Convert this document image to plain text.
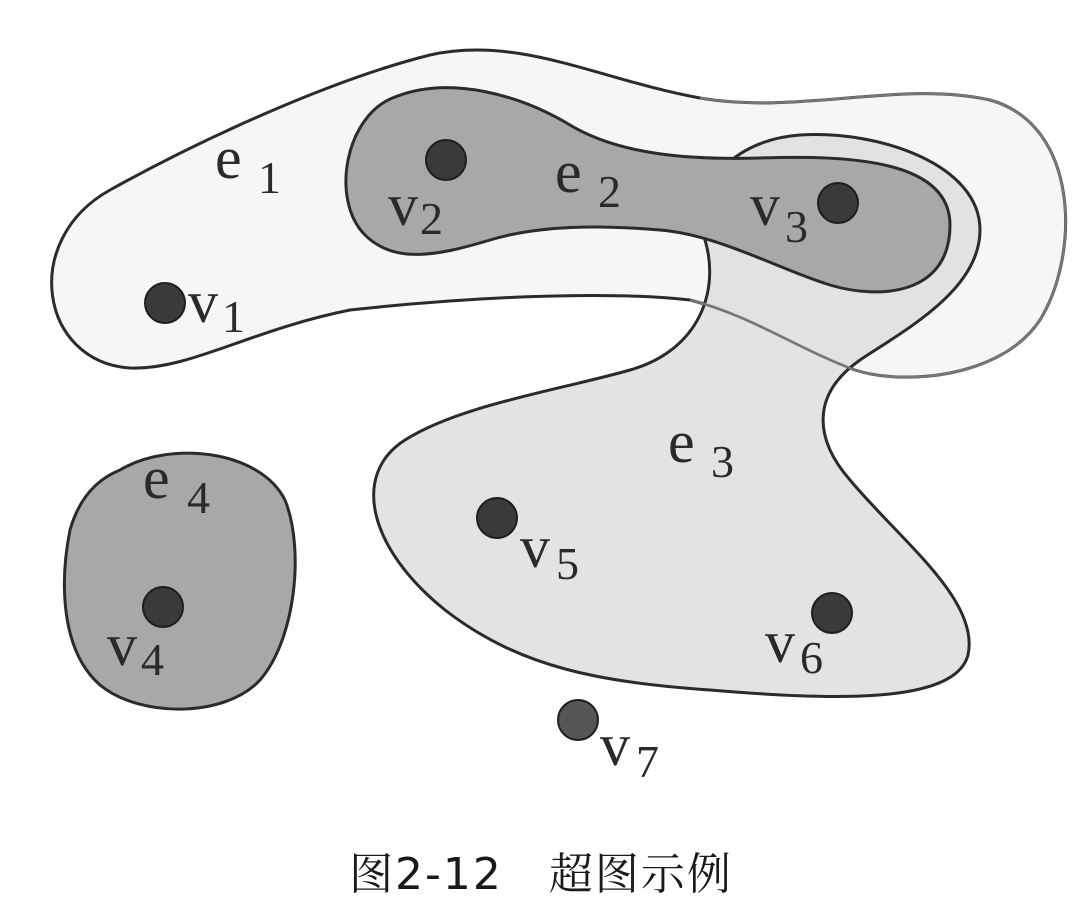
e 1
e 3
e 2
e 4
v1
v2	v 3
v4
v 5
v 6
v 7
图2-12　超图示例
